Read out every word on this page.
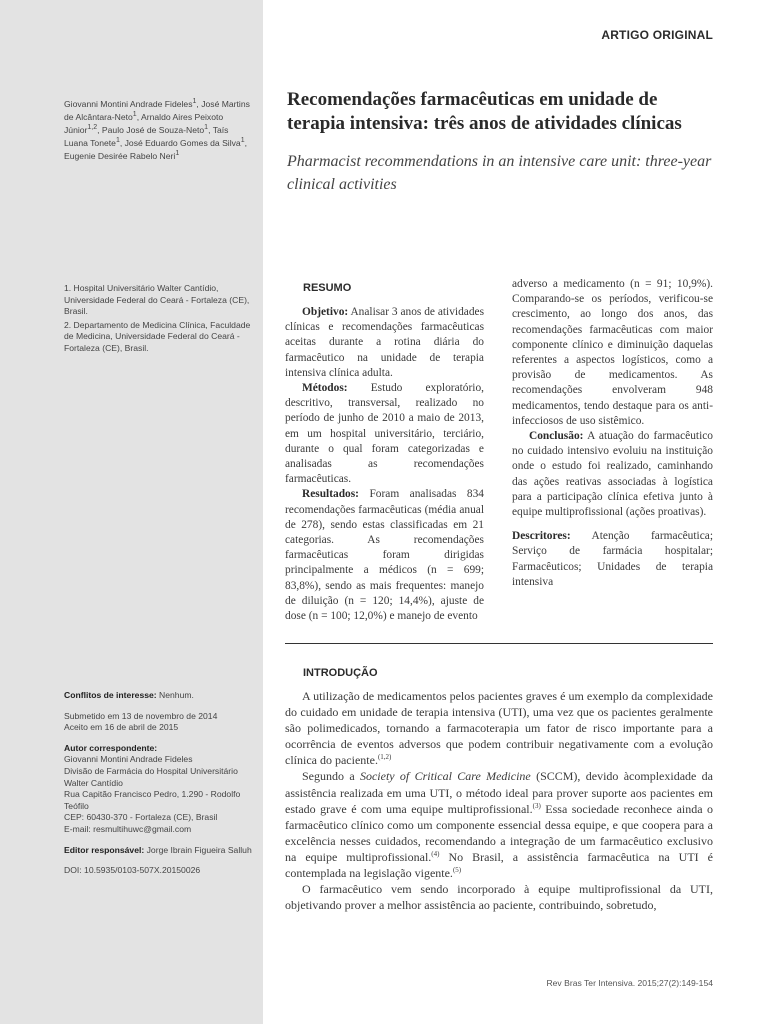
ARTIGO ORIGINAL
Giovanni Montini Andrade Fideles$^1$, José Martins de Alcântara-Neto$^1$, Arnaldo Aires Peixoto Júnior$^{1,2}$, Paulo José de Souza-Neto$^1$, Taís Luana Tonete$^1$, José Eduardo Gomes da Silva$^1$, Eugenie Desirée Rabelo Neri$^1$

1. Hospital Universitário Walter Cantídio, Universidade Federal do Ceará - Fortaleza (CE), Brasil.

2. Departamento de Medicina Clínica, Faculdade de Medicina, Universidade Federal do Ceará - Fortaleza (CE), Brasil.

Conflitos de interesse: Nenhum.

Submetido em 13 de novembro de 2014
Aceito em 16 de abril de 2015

Autor correspondente:
Giovanni Montini Andrade Fideles
Divisão de Farmácia do Hospital Universitário Walter Cantídio
Rua Capitão Francisco Pedro, 1.290 - Rodolfo Teófilo
CEP: 60430-370 - Fortaleza (CE), Brasil
E-mail: resmultihuwc@gmail.com

Editor responsável: Jorge Ibrain Figueira Salluh

DOI: 10.5935/0103-507X.20150026

Recomendações farmacêuticas em unidade de terapia intensiva: três anos de atividades clínicas
Pharmacist recommendations in an intensive care unit: three-year clinical activities
RESUMO

Objetivo: Analisar 3 anos de atividades clínicas e recomendações farmacêuticas aceitas durante a rotina diária do farmacêutico na unidade de terapia intensiva clínica adulta.

Métodos: Estudo exploratório, descritivo, transversal, realizado no período de junho de 2010 a maio de 2013, em um hospital universitário, terciário, durante o qual foram categorizadas e analisadas as recomendações farmacêuticas.

Resultados: Foram analisadas 834 recomendações farmacêuticas (média anual de 278), sendo estas classificadas em 21 categorias. As recomendações farmacêuticas foram dirigidas principalmente a médicos (n = 699; 83,8%), sendo as mais frequentes: manejo de diluição (n = 120; 14,4%), ajuste de dose (n = 100; 12,0%) e manejo de evento

adverso a medicamento (n = 91; 10,9%). Comparando-se os períodos, verificou-se crescimento, ao longo dos anos, das recomendações farmacêuticas com maior componente clínico e diminuição daquelas referentes a aspectos logísticos, como a provisão de medicamentos. As recomendações envolveram 948 medicamentos, tendo destaque para os anti-infecciosos de uso sistêmico.

Conclusão: A atuação do farmacêutico no cuidado intensivo evoluiu na instituição onde o estudo foi realizado, caminhando das ações reativas associadas à logística para a participação clínica efetiva junto à equipe multiprofissional (ações proativas).

Descritores: Atenção farmacêutica; Serviço de farmácia hospitalar; Farmacêuticos; Unidades de terapia intensiva

INTRODUÇÃO

A utilização de medicamentos pelos pacientes graves é um exemplo da complexidade do cuidado em unidade de terapia intensiva (UTI), uma vez que os pacientes geralmente são polimedicados, tornando a farmacoterapia um fator de risco importante para a ocorrência de eventos adversos que podem contribuir negativamente com a evolução clínica do paciente.$^{(1,2)}$

Segundo a Society of Critical Care Medicine (SCCM), devido àcomplexidade da assistência realizada em uma UTI, o método ideal para prover suporte aos pacientes em estado grave é com uma equipe multiprofissional.$^{(3)}$ Essa sociedade reconhece ainda o farmacêutico clínico como um componente essencial dessa equipe, e que coopera para a excelência nesses cuidados, recomendando a integração de um farmacêutico exclusivo na equipe multiprofissional.$^{(4)}$ No Brasil, a assistência farmacêutica na UTI é contemplada na legislação vigente.$^{(5)}$

O farmacêutico vem sendo incorporado à equipe multiprofissional da UTI, objetivando prover a melhor assistência ao paciente, contribuindo, sobretudo,

Rev Bras Ter Intensiva. 2015;27(2):149-154
